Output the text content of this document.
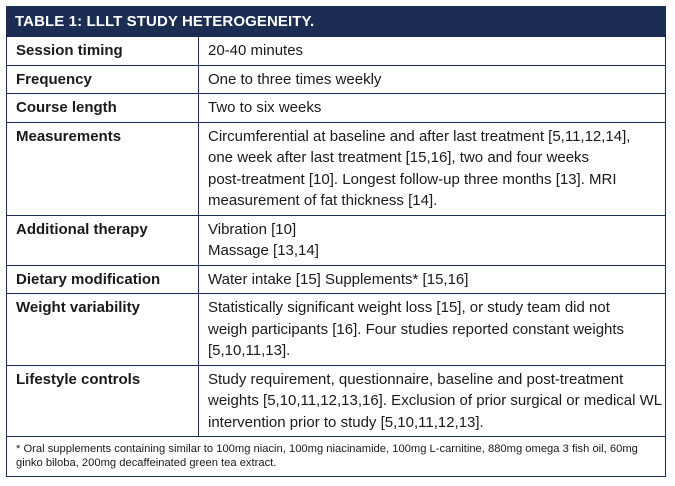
TABLE 1: LLLT STUDY HETEROGENEITY.
Session timing	20-40 minutes

Frequency	One to three times weekly

Course length	Two to six weeks

Measurements	Circumferential at baseline and after last treatment [5,11,12,14],
one week after last treatment [15,16], two and four weeks
post-treatment [10]. Longest follow-up three months [13]. MRI
measurement of fat thickness [14].

Additional therapy	Vibration [10]
Massage [13,14]

Dietary modification	Water intake [15] Supplements* [15,16]

Weight variability	Statistically significant weight loss [15], or study team did not
weigh participants [16]. Four studies reported constant weights
[5,10,11,13].

Lifestyle controls	Study requirement, questionnaire, baseline and post-treatment
weights [5,10,11,12,13,16]. Exclusion of prior surgical or medical WL
intervention prior to study [5,10,11,12,13].
* Oral supplements containing similar to 100mg niacin, 100mg niacinamide, 100mg L-carnitine, 880mg omega 3 fish oil, 60mg
ginko biloba, 200mg decaffeinated green tea extract.
